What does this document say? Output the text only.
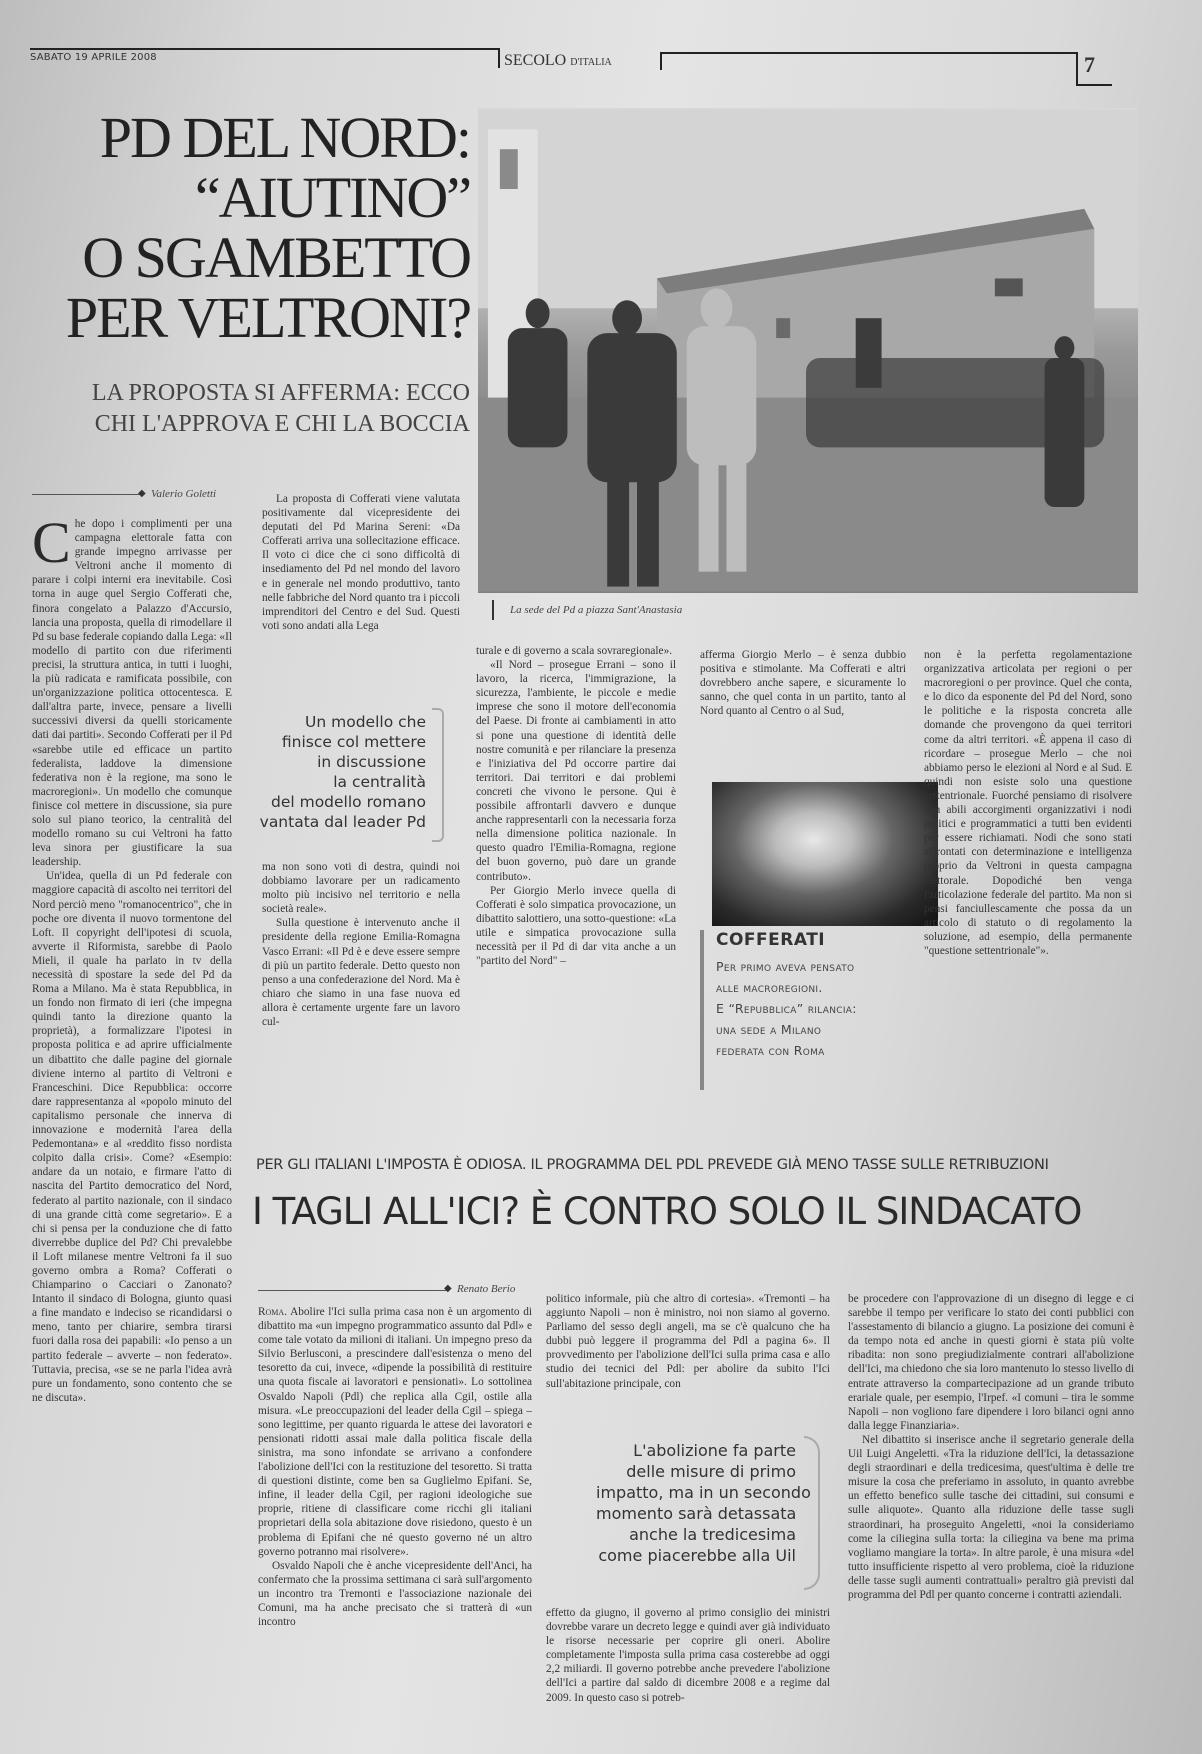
SABATO 19 APRILE 2008	SECOLO D'ITALIA	7
PD DEL NORD:
“AIUTINO”
O SGAMBETTO
PER VELTRONI?
LA PROPOSTA SI AFFERMA: ECCO
CHI L'APPROVA E CHI LA BOCCIA
La sede del Pd a piazza Sant'Anastasia
◆ Valerio Goletti

Che dopo i complimenti per una campagna elettorale fatta con grande impegno arrivasse per Veltroni anche il momento di parare i colpi interni era inevitabile. Così torna in auge quel Sergio Cofferati che, finora congelato a Palazzo d'Accursio, lancia una proposta, quella di rimodellare il Pd su base federale copiando dalla Lega: «Il modello di partito con due riferimenti precisi, la struttura antica, in tutti i luoghi, la più radicata e ramificata possibile, con un'organizzazione politica ottocentesca. E dall'altra parte, invece, pensare a livelli successivi diversi da quelli storicamente dati dai partiti». Secondo Cofferati per il Pd «sarebbe utile ed efficace un partito federalista, laddove la dimensione federativa non è la regione, ma sono le macroregioni». Un modello che comunque finisce col mettere in discussione, sia pure solo sul piano teorico, la centralità del modello romano su cui Veltroni ha fatto leva sinora per giustificare la sua leadership.

Un'idea, quella di un Pd federale con maggiore capacità di ascolto nei territori del Nord perciò meno "romanocentrico", che in poche ore diventa il nuovo tormentone del Loft. Il copyright dell'ipotesi di scuola, avverte il Riformista, sarebbe di Paolo Mieli, il quale ha parlato in tv della necessità di spostare la sede del Pd da Roma a Milano. Ma è stata Repubblica, in un fondo non firmato di ieri (che impegna quindi tanto la direzione quanto la proprietà), a formalizzare l'ipotesi in proposta politica e ad aprire ufficialmente un dibattito che dalle pagine del giornale diviene interno al partito di Veltroni e Franceschini. Dice Repubblica: occorre dare rappresentanza al «popolo minuto del capitalismo personale che innerva di innovazione e modernità l'area della Pedemontana» e al «reddito fisso nordista colpito dalla crisi». Come? «Esempio: andare da un notaio, e firmare l'atto di nascita del Partito democratico del Nord, federato al partito nazionale, con il sindaco di una grande città come segretario». E a chi si pensa per la conduzione che di fatto diverrebbe duplice del Pd? Chi prevalebbe il Loft milanese mentre Veltroni fa il suo governo ombra a Roma? Cofferati o Chiamparino o Cacciari o Zanonato? Intanto il sindaco di Bologna, giunto quasi a fine mandato e indeciso se ricandidarsi o meno, tanto per chiarire, sembra tirarsi fuori dalla rosa dei papabili: «Io penso a un partito federale – avverte – non federato». Tuttavia, precisa, «se se ne parla l'idea avrà pure un fondamento, sono contento che se ne discuta».

La proposta di Cofferati viene valutata positivamente dal vicepresidente dei deputati del Pd Marina Sereni: «Da Cofferati arriva una sollecitazione efficace. Il voto ci dice che ci sono difficoltà di insediamento del Pd nel mondo del lavoro e in generale nel mondo produttivo, tanto nelle fabbriche del Nord quanto tra i piccoli imprenditori del Centro e del Sud. Questi voti sono andati alla Lega

Un modello che
finisce col mettere
in discussione
la centralità
del modello romano
vantata dal leader Pd

ma non sono voti di destra, quindi noi dobbiamo lavorare per un radicamento molto più incisivo nel territorio e nella società reale».

Sulla questione è intervenuto anche il presidente della regione Emilia-Romagna Vasco Errani: «Il Pd è e deve essere sempre di più un partito federale. Detto questo non penso a una confederazione del Nord. Ma è chiaro che siamo in una fase nuova ed allora è certamente urgente fare un lavoro cul-

turale e di governo a scala sovraregionale».

«Il Nord – prosegue Errani – sono il lavoro, la ricerca, l'immigrazione, la sicurezza, l'ambiente, le piccole e medie imprese che sono il motore dell'economia del Paese. Di fronte ai cambiamenti in atto si pone una questione di identità delle nostre comunità e per rilanciare la presenza e l'iniziativa del Pd occorre partire dai territori. Dai territori e dai problemi concreti che vivono le persone. Qui è possibile affrontarli davvero e dunque anche rappresentarli con la necessaria forza nella dimensione politica nazionale. In questo quadro l'Emilia-Romagna, regione del buon governo, può dare un grande contributo».

Per Giorgio Merlo invece quella di Cofferati è solo simpatica provocazione, un dibattito salottiero, una sotto-questione: «La utile e simpatica provocazione sulla necessità per il Pd di dar vita anche a un "partito del Nord" –

afferma Giorgio Merlo – è senza dubbio positiva e stimolante. Ma Cofferati e altri dovrebbero anche sapere, e sicuramente lo sanno, che quel conta in un partito, tanto al Nord quanto al Centro o al Sud,

COFFERATI
Per primo aveva pensato
alle macroregioni.
E “Repubblica” rilancia:
una sede a Milano
federata con Roma

non è la perfetta regolamentazione organizzativa articolata per regioni o per macroregioni o per province. Quel che conta, e lo dico da esponente del Pd del Nord, sono le politiche e la risposta concreta alle domande che provengono da quei territori come da altri territori. «È appena il caso di ricordare – prosegue Merlo – che noi abbiamo perso le elezioni al Nord e al Sud. E quindi non esiste solo una questione settentrionale. Fuorché pensiamo di risolvere con abili accorgimenti organizzativi i nodi politici e programmatici a tutti ben evidenti per essere richiamati. Nodi che sono stati affrontati con determinazione e intelligenza proprio da Veltroni in questa campagna elettorale. Dopodiché ben venga l'articolazione federale del partito. Ma non si pensi fanciullescamente che possa da un articolo di statuto o di regolamento la soluzione, ad esempio, della permanente "questione settentrionale"».

PER GLI ITALIANI L'IMPOSTA È ODIOSA. IL PROGRAMMA DEL PDL PREVEDE GIÀ MENO TASSE SULLE RETRIBUZIONI
I TAGLI ALL'ICI? È CONTRO SOLO IL SINDACATO
◆ Renato Berio

Roma. Abolire l'Ici sulla prima casa non è un argomento di dibattito ma «un impegno programmatico assunto dal Pdl» e come tale votato da milioni di italiani. Un impegno preso da Silvio Berlusconi, a prescindere dall'esistenza o meno del tesoretto da cui, invece, «dipende la possibilità di restituire una quota fiscale ai lavoratori e pensionati». Lo sottolinea Osvaldo Napoli (Pdl) che replica alla Cgil, ostile alla misura. «Le preoccupazioni del leader della Cgil – spiega – sono legittime, per quanto riguarda le attese dei lavoratori e pensionati ridotti assai male dalla politica fiscale della sinistra, ma sono infondate se arrivano a confondere l'abolizione dell'Ici con la restituzione del tesoretto. Si tratta di questioni distinte, come ben sa Guglielmo Epifani. Se, infine, il leader della Cgil, per ragioni ideologiche sue proprie, ritiene di classificare come ricchi gli italiani proprietari della sola abitazione dove risiedono, questo è un problema di Epifani che né questo governo né un altro governo potranno mai risolvere».

Osvaldo Napoli che è anche vicepresidente dell'Anci, ha confermato che la prossima settimana ci sarà sull'argomento un incontro tra Tremonti e l'associazione nazionale dei Comuni, ma ha anche precisato che si tratterà di «un incontro

politico informale, più che altro di cortesia». «Tremonti – ha aggiunto Napoli – non è ministro, noi non siamo al governo. Parliamo del sesso degli angeli, ma se c'è qualcuno che ha dubbi può leggere il programma del Pdl a pagina 6». Il provvedimento per l'abolizione dell'Ici sulla prima casa e allo studio dei tecnici del Pdl: per abolire da subito l'Ici sull'abitazione principale, con

L'abolizione fa parte
delle misure di primo
impatto, ma in un secondo
momento sarà detassata
anche la tredicesima
come piacerebbe alla Uil

effetto da giugno, il governo al primo consiglio dei ministri dovrebbe varare un decreto legge e quindi aver già individuato le risorse necessarie per coprire gli oneri. Abolire completamente l'imposta sulla prima casa costerebbe ad oggi 2,2 miliardi. Il governo potrebbe anche prevedere l'abolizione dell'Ici a partire dal saldo di dicembre 2008 e a regime dal 2009. In questo caso si potreb-

be procedere con l'approvazione di un disegno di legge e ci sarebbe il tempo per verificare lo stato dei conti pubblici con l'assestamento di bilancio a giugno. La posizione dei comuni è da tempo nota ed anche in questi giorni è stata più volte ribadita: non sono pregiudizialmente contrari all'abolizione dell'Ici, ma chiedono che sia loro mantenuto lo stesso livello di entrate attraverso la compartecipazione ad un grande tributo erariale quale, per esempio, l'Irpef. «I comuni – tira le somme Napoli – non vogliono fare dipendere i loro bilanci ogni anno dalla legge Finanziaria».

Nel dibattito si inserisce anche il segretario generale della Uil Luigi Angeletti. «Tra la riduzione dell'Ici, la detassazione degli straordinari e della tredicesima, quest'ultima è delle tre misure la cosa che preferiamo in assoluto, in quanto avrebbe un effetto benefico sulle tasche dei cittadini, sui consumi e sulle aliquote». Quanto alla riduzione delle tasse sugli straordinari, ha proseguito Angeletti, «noi la consideriamo come la ciliegina sulla torta: la ciliegina va bene ma prima vogliamo mangiare la torta». In altre parole, è una misura «del tutto insufficiente rispetto al vero problema, cioè la riduzione delle tasse sugli aumenti contrattuali» peraltro già previsti dal programma del Pdl per quanto concerne i contratti aziendali.
